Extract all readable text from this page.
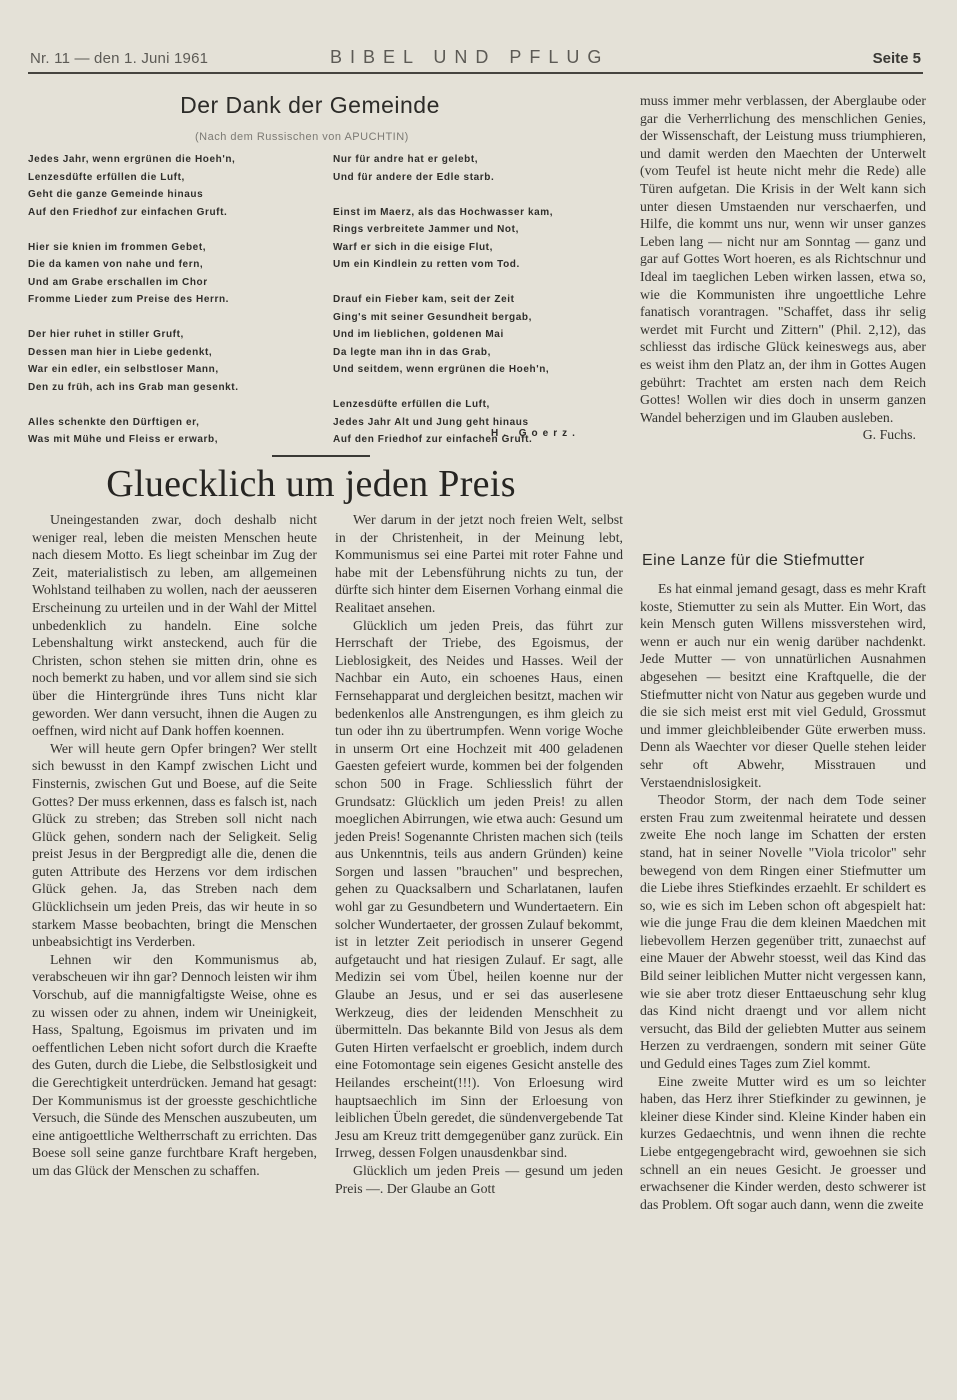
Nr. 11 — den 1. Juni 1961	BIBEL UND PFLUG	Seite 5
Der Dank der Gemeinde
(Nach dem Russischen von APUCHTIN)
Jedes Jahr, wenn ergrünen die Hoeh'n,
Lenzesdüfte erfüllen die Luft,
Geht die ganze Gemeinde hinaus
Auf den Friedhof zur einfachen Gruft.
Hier sie knien im frommen Gebet,
Die da kamen von nahe und fern,
Und am Grabe erschallen im Chor
Fromme Lieder zum Preise des Herrn.
Der hier ruhet in stiller Gruft,
Dessen man hier in Liebe gedenkt,
War ein edler, ein selbstloser Mann,
Den zu früh, ach ins Grab man gesenkt.
Alles schenkte den Dürftigen er,
Was mit Mühe und Fleiss er erwarb,
Nur für andre hat er gelebt,
Und für andere der Edle starb.
Einst im Maerz, als das Hochwasser kam,
Rings verbreitete Jammer und Not,
Warf er sich in die eisige Flut,
Um ein Kindlein zu retten vom Tod.
Drauf ein Fieber kam, seit der Zeit
Ging's mit seiner Gesundheit bergab,
Und im lieblichen, goldenen Mai
Da legte man ihn in das Grab,
Und seitdem, wenn ergrünen die Hoeh'n,
Lenzesdüfte erfüllen die Luft,
Jedes Jahr Alt und Jung geht hinaus
Auf den Friedhof zur einfachen Gruft.
H. Goerz.
Gluecklich um jeden Preis

Uneingestanden zwar, doch deshalb nicht weniger real, leben die meisten Menschen heute nach diesem Motto. Es liegt scheinbar im Zug der Zeit, materialistisch zu leben, am allgemeinen Wohlstand teilhaben zu wollen, nach der aeusseren Erscheinung zu urteilen und in der Wahl der Mittel unbedenklich zu handeln. Eine solche Lebenshaltung wirkt ansteckend, auch für die Christen, schon stehen sie mitten drin, ohne es noch bemerkt zu haben, und vor allem sind sie sich über die Hintergründe ihres Tuns nicht klar geworden. Wer dann versucht, ihnen die Augen zu oeffnen, wird nicht auf Dank hoffen koennen.

Wer will heute gern Opfer bringen? Wer stellt sich bewusst in den Kampf zwischen Licht und Finsternis, zwischen Gut und Boese, auf die Seite Gottes? Der muss erkennen, dass es falsch ist, nach Glück zu streben; das Streben soll nicht nach Glück gehen, sondern nach der Seligkeit. Selig preist Jesus in der Bergpredigt alle die, denen die guten Attribute des Herzens vor dem irdischen Glück gehen. Ja, das Streben nach dem Glücklichsein um jeden Preis, das wir heute in so starkem Masse beobachten, bringt die Menschen unbeabsichtigt ins Verderben.

Lehnen wir den Kommunismus ab, verabscheuen wir ihn gar? Dennoch leisten wir ihm Vorschub, auf die mannigfaltigste Weise, ohne es zu wissen oder zu ahnen, indem wir Uneinigkeit, Hass, Spaltung, Egoismus im privaten und im oeffentlichen Leben nicht sofort durch die Kraefte des Guten, durch die Liebe, die Selbstlosigkeit und die Gerechtigkeit unterdrücken. Jemand hat gesagt: Der Kommunismus ist der groesste geschichtliche Versuch, die Sünde des Menschen auszubeuten, um eine antigoettliche Weltherrschaft zu errichten. Das Boese soll seine ganze furchtbare Kraft hergeben, um das Glück der Menschen zu schaffen.

Wer darum in der jetzt noch freien Welt, selbst in der Christenheit, in der Meinung lebt, Kommunismus sei eine Partei mit roter Fahne und habe mit der Lebensführung nichts zu tun, der dürfte sich hinter dem Eisernen Vorhang einmal die Realitaet ansehen.

Glücklich um jeden Preis, das führt zur Herrschaft der Triebe, des Egoismus, der Lieblosigkeit, des Neides und Hasses. Weil der Nachbar ein Auto, ein schoenes Haus, einen Fernsehapparat und dergleichen besitzt, machen wir bedenkenlos alle Anstrengungen, es ihm gleich zu tun oder ihn zu übertrumpfen. Wenn vorige Woche in unserm Ort eine Hochzeit mit 400 geladenen Gaesten gefeiert wurde, kommen bei der folgenden schon 500 in Frage. Schliesslich führt der Grundsatz: Glücklich um jeden Preis! zu allen moeglichen Abirrungen, wie etwa auch: Gesund um jeden Preis! Sogenannte Christen machen sich (teils aus Unkenntnis, teils aus andern Gründen) keine Sorgen und lassen "brauchen" und besprechen, gehen zu Quacksalbern und Scharlatanen, laufen wohl gar zu Gesundbetern und Wundertaetern. Ein solcher Wundertaeter, der grossen Zulauf bekommt, ist in letzter Zeit periodisch in unserer Gegend aufgetaucht und hat riesigen Zulauf. Er sagt, alle Medizin sei vom Übel, heilen koenne nur der Glaube an Jesus, und er sei das auserlesene Werkzeug, dies der leidenden Menschheit zu übermitteln. Das bekannte Bild von Jesus als dem Guten Hirten verfaelscht er groeblich, indem durch eine Fotomontage sein eigenes Gesicht anstelle des Heilandes erscheint(!!!). Von Erloesung wird hauptsaechlich im Sinn der Erloesung von leiblichen Übeln geredet, die sündenvergebende Tat Jesu am Kreuz tritt demgegenüber ganz zurück. Ein Irrweg, dessen Folgen unausdenkbar sind.

Glücklich um jeden Preis — gesund um jeden Preis —. Der Glaube an Gott

muss immer mehr verblassen, der Aberglaube oder gar die Verherrlichung des menschlichen Genies, der Wissenschaft, der Leistung muss triumphieren, und damit werden den Maechten der Unterwelt (vom Teufel ist heute nicht mehr die Rede) alle Türen aufgetan. Die Krisis in der Welt kann sich unter diesen Umstaenden nur verschaerfen, und Hilfe, die kommt uns nur, wenn wir unser ganzes Leben lang — nicht nur am Sonntag — ganz und gar auf Gottes Wort hoeren, es als Richtschnur und Ideal im taeglichen Leben wirken lassen, etwa so, wie die Kommunisten ihre ungoettliche Lehre fanatisch vorantragen. "Schaffet, dass ihr selig werdet mit Furcht und Zittern" (Phil. 2,12), das schliesst das irdische Glück keineswegs aus, aber es weist ihm den Platz an, der ihm in Gottes Augen gebührt: Trachtet am ersten nach dem Reich Gottes! Wollen wir dies doch in unserm ganzen Wandel beherzigen und im Glauben ausleben.

G. Fuchs.
Eine Lanze für die Stiefmutter

Es hat einmal jemand gesagt, dass es mehr Kraft koste, Stiemutter zu sein als Mutter. Ein Wort, das kein Mensch guten Willens missverstehen wird, wenn er auch nur ein wenig darüber nachdenkt. Jede Mutter — von unnatürlichen Ausnahmen abgesehen — besitzt eine Kraftquelle, die der Stiefmutter nicht von Natur aus gegeben wurde und die sie sich meist erst mit viel Geduld, Grossmut und immer gleichbleibender Güte erwerben muss. Denn als Waechter vor dieser Quelle stehen leider sehr oft Abwehr, Misstrauen und Verstaendnislosigkeit.

Theodor Storm, der nach dem Tode seiner ersten Frau zum zweitenmal heiratete und dessen zweite Ehe noch lange im Schatten der ersten stand, hat in seiner Novelle "Viola tricolor" sehr bewegend von dem Ringen einer Stiefmutter um die Liebe ihres Stiefkindes erzaehlt. Er schildert es so, wie es sich im Leben schon oft abgespielt hat: wie die junge Frau die dem kleinen Maedchen mit liebevollem Herzen gegenüber tritt, zunaechst auf eine Mauer der Abwehr stoesst, weil das Kind das Bild seiner leiblichen Mutter nicht vergessen kann, wie sie aber trotz dieser Enttaeuschung sehr klug das Kind nicht draengt und vor allem nicht versucht, das Bild der geliebten Mutter aus seinem Herzen zu verdraengen, sondern mit seiner Güte und Geduld eines Tages zum Ziel kommt.

Eine zweite Mutter wird es um so leichter haben, das Herz ihrer Stiefkinder zu gewinnen, je kleiner diese Kinder sind. Kleine Kinder haben ein kurzes Gedaechtnis, und wenn ihnen die rechte Liebe entgegengebracht wird, gewoehnen sie sich schnell an ein neues Gesicht. Je groesser und erwachsener die Kinder werden, desto schwerer ist das Problem. Oft sogar auch dann, wenn die zweite
